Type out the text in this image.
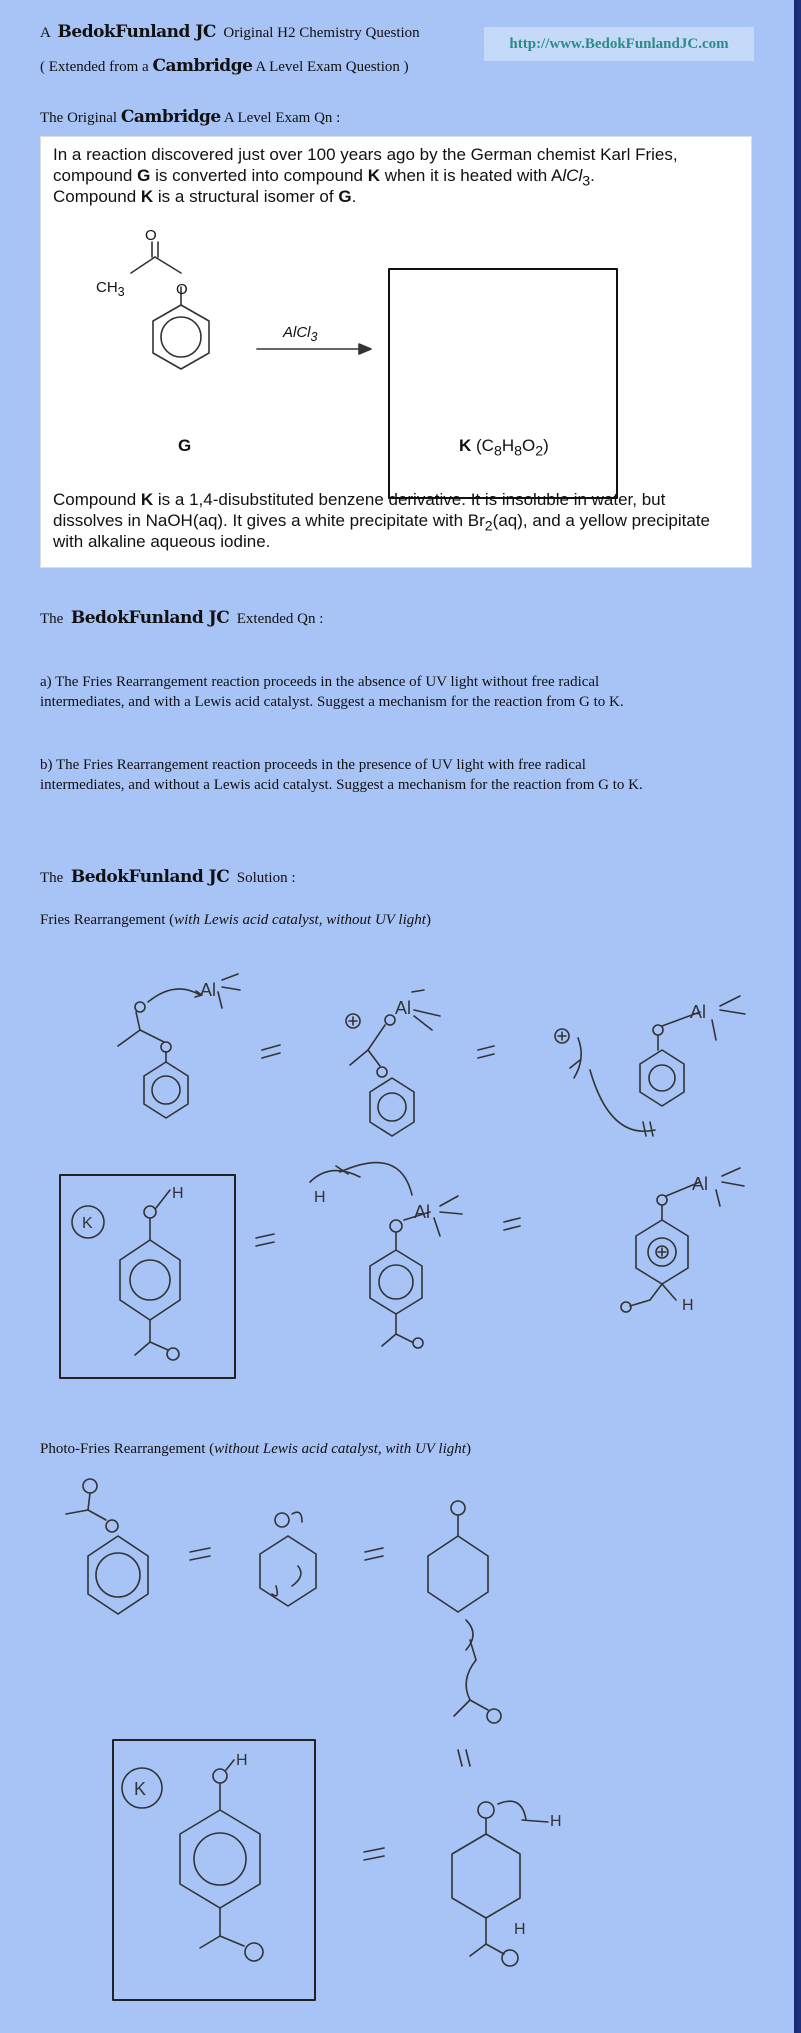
A BedokFunland JC Original H2 Chemistry Question
( Extended from a Cambridge A Level Exam Question )
http://www.BedokFunlandJC.com
The Original Cambridge A Level Exam Qn :
In a reaction discovered just over 100 years ago by the German chemist Karl Fries,
compound G is converted into compound K when it is heated with AlCl$_3$.
Compound K is a structural isomer of G.
O
$CH_3$	O
AlCl$_3$
G	K $(C_8H_8O_2)$
Compound K is a 1,4-disubstituted benzene derivative. It is insoluble in water, but
dissolves in NaOH(aq). It gives a white precipitate with $Br_2(aq)$, and a yellow precipitate
with alkaline aqueous iodine.
The BedokFunland JC Extended Qn :
a) The Fries Rearrangement reaction proceeds in the absence of UV light without free radical
intermediates, and with a Lewis acid catalyst. Suggest a mechanism for the reaction from G to K.
b) The Fries Rearrangement reaction proceeds in the presence of UV light with free radical
intermediates, and without a Lewis acid catalyst. Suggest a mechanism for the reaction from G to K.
The BedokFunland JC Solution :
Fries Rearrangement (with Lewis acid catalyst, without UV light)
Al
Al	Al
K
H
Al
H
Al
H
Photo-Fries Rearrangement (without Lewis acid catalyst, with UV light)
K
H
H
H
